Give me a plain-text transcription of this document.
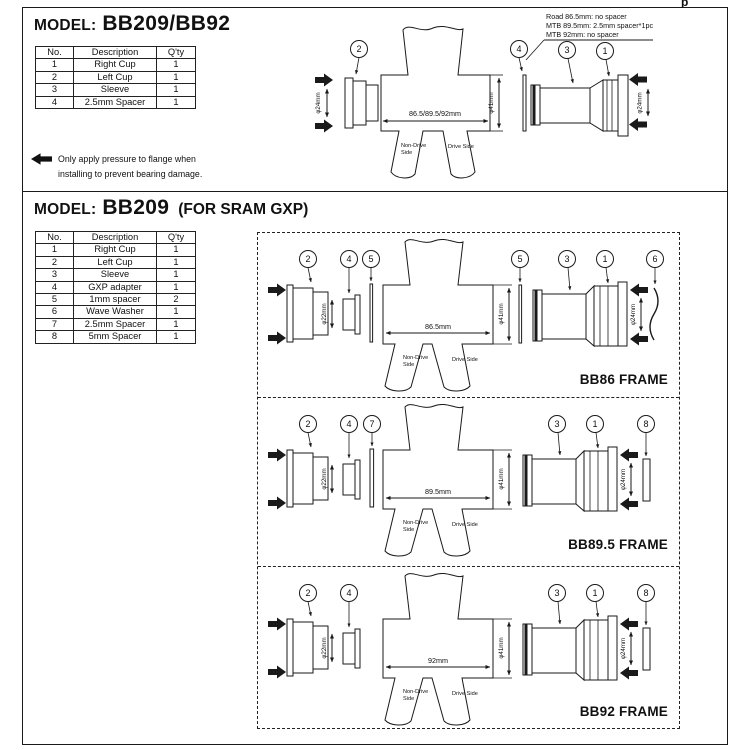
p
MODEL: BB209/BB92
No.	Description	Q'ty
1	Right Cup	1
2	Left Cup	1
3	Sleeve	1
4	2.5mm Spacer	1
Only apply pressure to flange when
installing to prevent bearing damage.
Road 86.5mm: no spacer
MTB 89.5mm: 2.5mm spacer*1pc
MTB 92mm: no spacer
φ24mm
2
86.5/89.5/92mm
Non-Drive
Side
Drive Side
φ41mm
4
φ24mm
3	1
MODEL: BB209 (FOR SRAM GXP)
No.	Description	Q'ty
1	Right Cup	1
2	Left Cup	1
3	Sleeve	1
4	GXP adapter	1
5	1mm spacer	2
6	Wave Washer	1
7	2.5mm Spacer	1
8	5mm Spacer	1
2
φ22mm
4 5
86.5mm
Non-Drive
Side
Drive Side
φ41mm
5
φ24mm
3	1	6
BB86 FRAME
2
φ22mm
4 7
89.5mm
Non-Drive
Side
Drive Side
φ41mm	φ24mm
3	1	8
BB89.5 FRAME
2
φ22mm
4
92mm
Non-Drive
Side
Drive Side
φ41mm	φ24mm
3	1	8
BB92 FRAME
